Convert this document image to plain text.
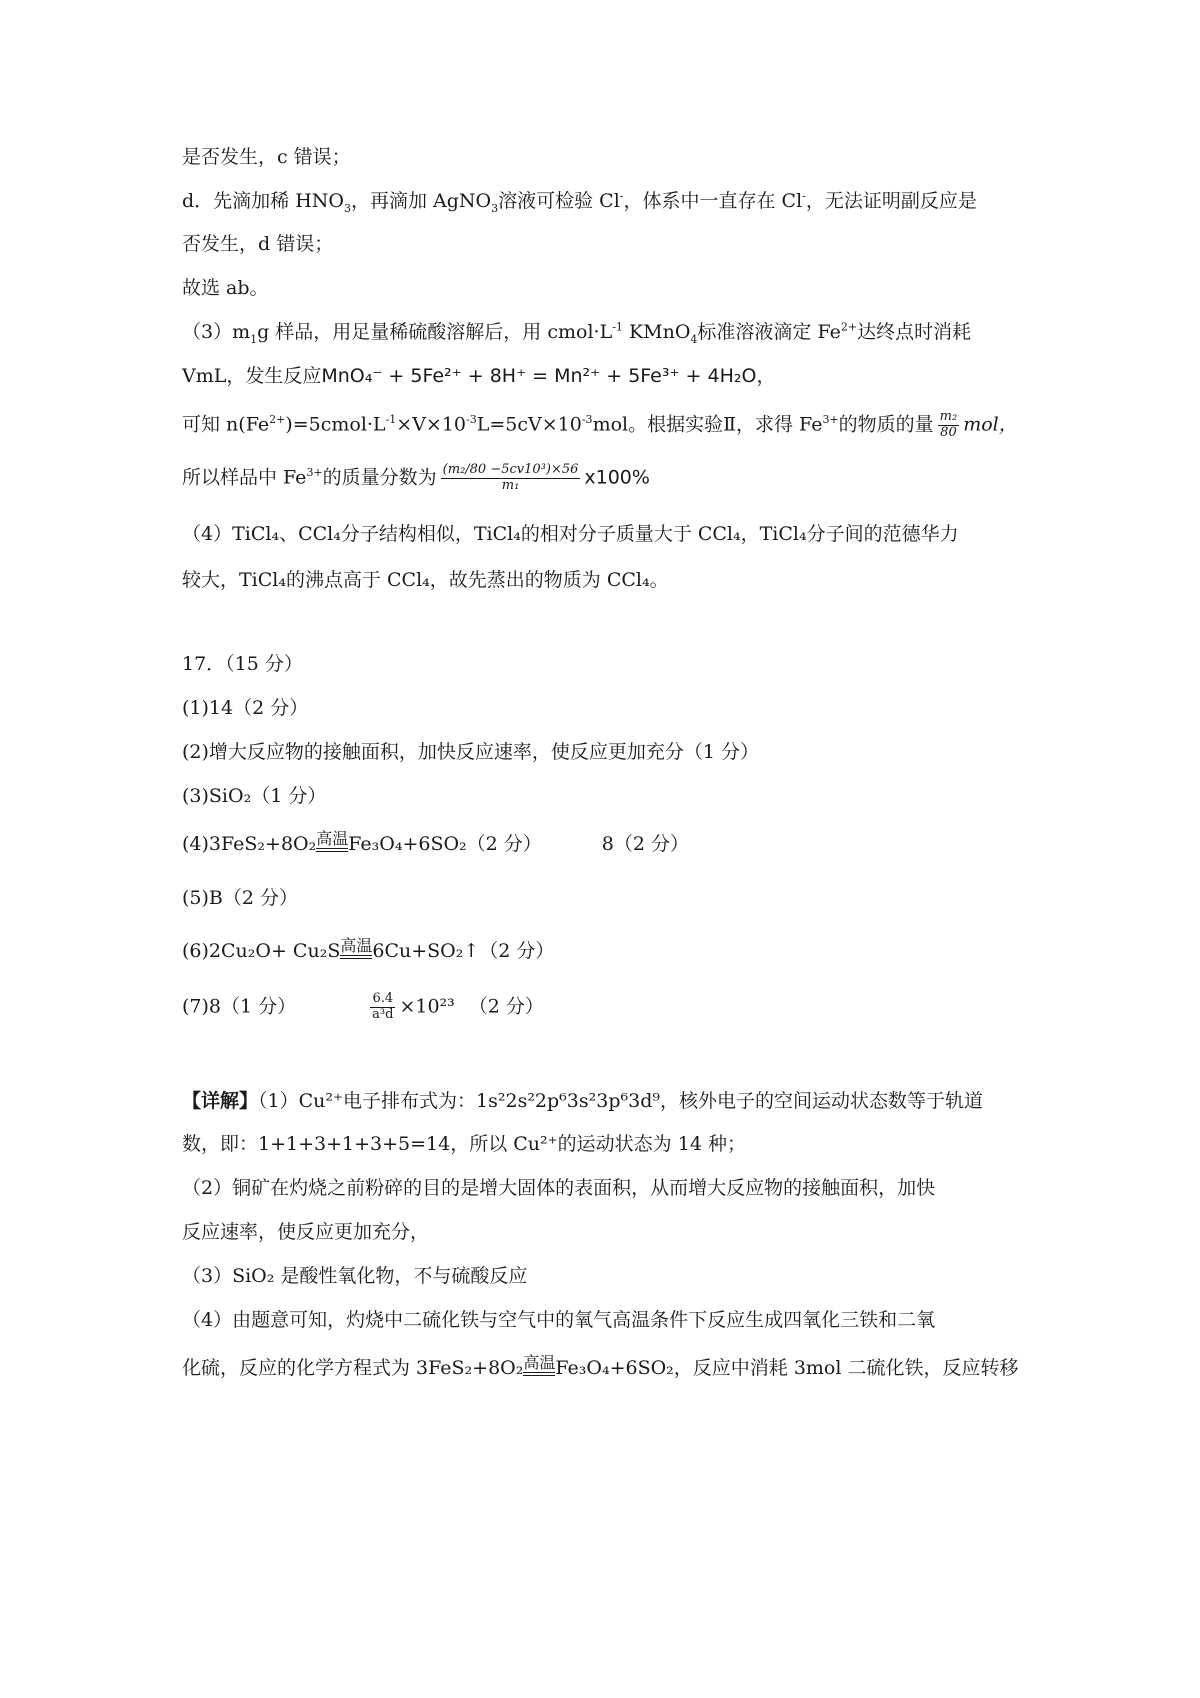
是否发生，c 错误；
d．先滴加稀 $HNO_3$，再滴加 AgNO$_3$溶液可检验 Cl-，体系中一直存在 Cl-，无法证明副反应是
否发生，d 错误；
故选 ab。
$(3)m_1g$ 样品，用足量稀硫酸溶解后，用 $cmol\cdot L^{-1}$ KMnO$_4$标准溶液滴定 $Fe^{2+}$达终点时消耗
VmL，发生反应MnO₄⁻ + 5Fe²⁺ + 8H⁺ = Mn²⁺ + 5Fe³⁺ + 4H₂O，
可知 $n(Fe^{2+})=5cmol\cdot L^{-1}\times V\times 10^{-3}L=5cV\times 10^{-3}mol$。根据实验Ⅱ，求得 $Fe^{3+}$的物质的量 $\frac{\text{m₂}}{80}$ mol，
所以样品中 $Fe^{3+}$的质量分数为 $\frac{\text{(m₂/80 −5cv10³)×56}}{\text{m₁}} x100\%$
（4）TiCl₄、CCl₄分子结构相似，TiCl₄的相对分子质量大于 CCl₄，TiCl₄分子间的范德华力
较大，TiCl₄的沸点高于 CCl₄，故先蒸出的物质为 CCl₄。
17．（15 分）
(1)14（2 分）
(2)增大反应物的接触面积，加快反应速率，使反应更加充分（1 分）
(3)SiO₂（1 分）
(4)3FeS₂+8O₂ 高温 Fe₃O₄+6SO₂（2 分）	8（2 分）
(5)B（2 分）
(6)2Cu₂O+ Cu₂S 高温 6Cu+SO₂↑（2 分）
(7)8（1 分）	$\frac{6.4}{\text{a³d}} \times 10^{23}$ （2 分）
【详解】（1）Cu²⁺电子排布式为：1s²2s²2p⁶3s²3p⁶3d⁹，核外电子的空间运动状态数等于轨道
数，即：1+1+3+1+3+5=14，所以 Cu²⁺的运动状态为 14 种；
（2）铜矿在灼烧之前粉碎的目的是增大固体的表面积，从而增大反应物的接触面积，加快
反应速率，使反应更加充分，
（3）SiO₂ 是酸性氧化物，不与硫酸反应
（4）由题意可知，灼烧中二硫化铁与空气中的氧气高温条件下反应生成四氧化三铁和二氧
化硫，反应的化学方程式为 3FeS₂+8O₂ 高温 Fe₃O₄+6SO₂，反应中消耗 3mol 二硫化铁，反应转移
